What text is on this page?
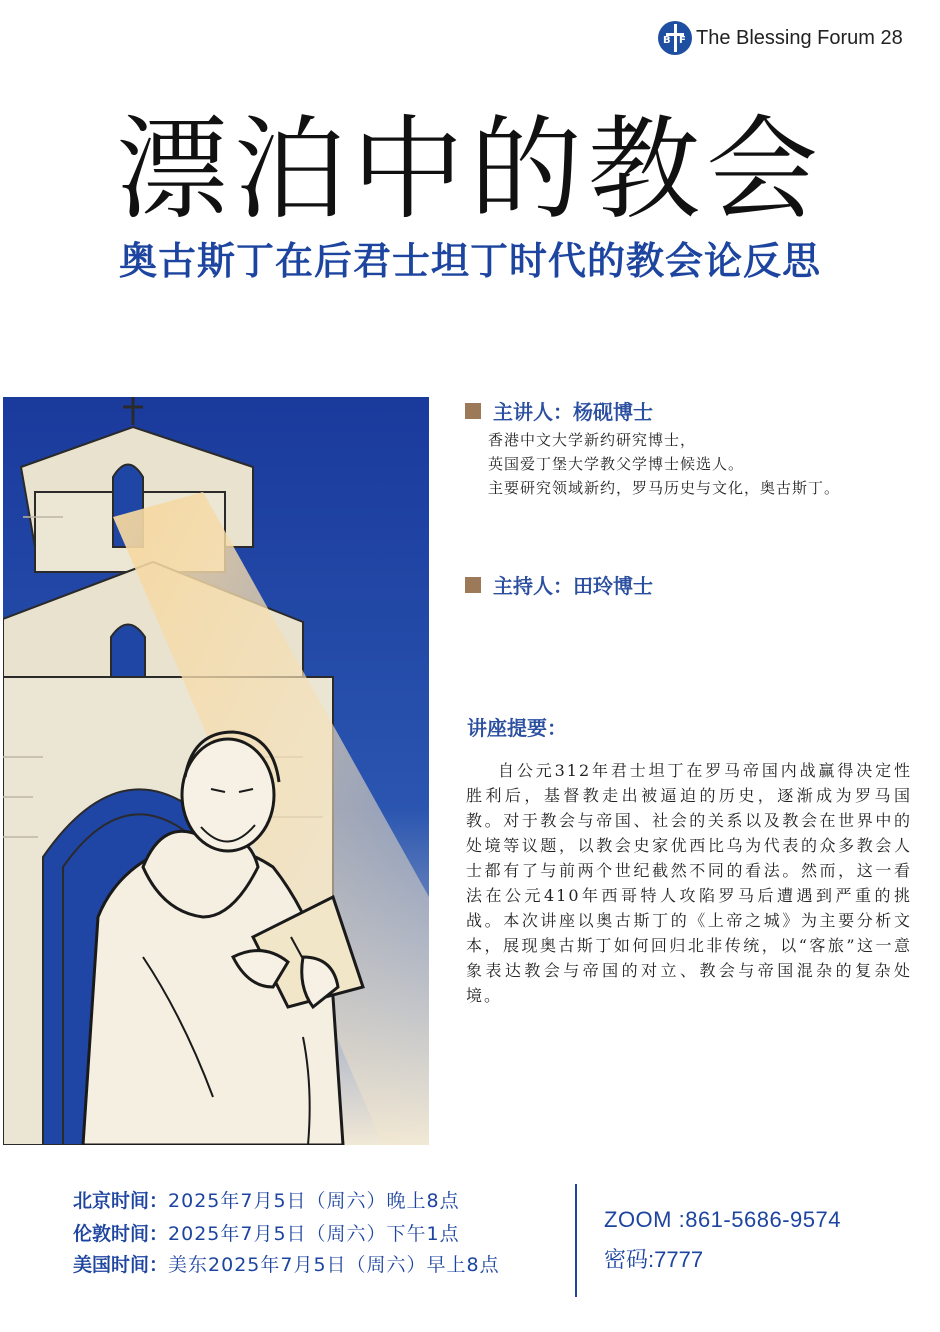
B F The Blessing Forum 28
漂泊中的教会
奥古斯丁在后君士坦丁时代的教会论反思
主讲人：杨砚博士
香港中文大学新约研究博士，
英国爱丁堡大学教父学博士候选人。
主要研究领域新约，罗马历史与文化，奥古斯丁。
主持人：田玲博士
讲座提要：
自公元312年君士坦丁在罗马帝国内战赢得决定性胜利后，基督教走出被逼迫的历史，逐渐成为罗马国教。对于教会与帝国、社会的关系以及教会在世界中的处境等议题，以教会史家优西比乌为代表的众多教会人士都有了与前两个世纪截然不同的看法。然而，这一看法在公元410年西哥特人攻陷罗马后遭遇到严重的挑战。本次讲座以奥古斯丁的《上帝之城》为主要分析文本，展现奥古斯丁如何回归北非传统，以“客旅”这一意象表达教会与帝国的对立、教会与帝国混杂的复杂处境。
北京时间：2025年7月5日（周六）晚上8点
伦敦时间：2025年7月5日（周六）下午1点
美国时间：美东2025年7月5日（周六）早上8点
ZOOM :861-5686-9574
密码:7777
